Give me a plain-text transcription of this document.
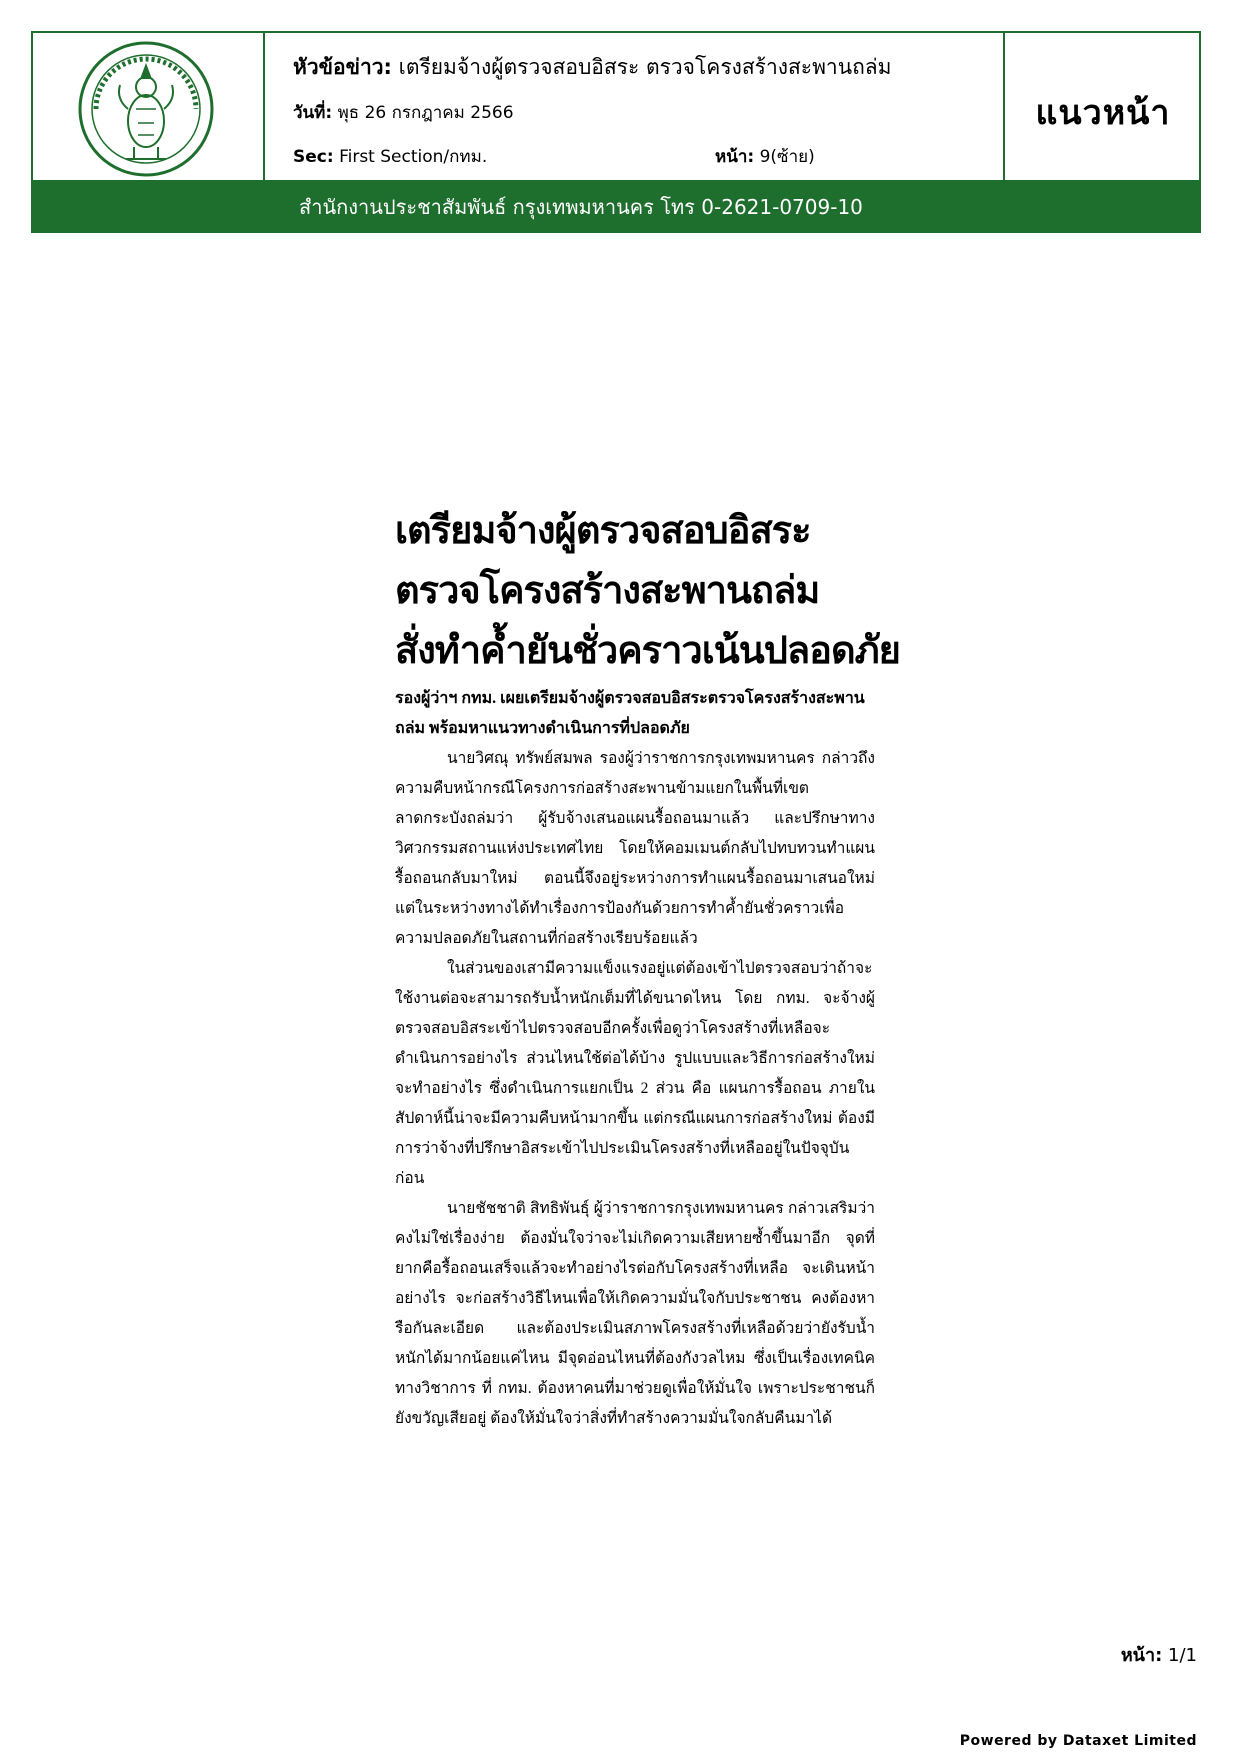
หัวข้อข่าว: เตรียมจ้างผู้ตรวจสอบอิสระ ตรวจโครงสร้างสะพานถล่ม
วันที่: พุธ 26 กรกฎาคม 2566
Sec: First Section/กทม.	หน้า: 9(ซ้าย)
แนวหน้า
สำนักงานประชาสัมพันธ์ กรุงเทพมหานคร โทร 0-2621-0709-10
เตรียมจ้างผู้ตรวจสอบอิสระ
ตรวจโครงสร้างสะพานถล่ม
สั่งทำค้ำยันชั่วคราวเน้นปลอดภัย
รองผู้ว่าฯ กทม. เผยเตรียมจ้างผู้ตรวจสอบอิสระตรวจโครงสร้างสะพานถล่ม พร้อมหาแนวทางดำเนินการที่ปลอดภัย

นายวิศณุ ทรัพย์สมพล รองผู้ว่าราชการกรุงเทพมหานคร กล่าวถึงความคืบหน้ากรณีโครงการก่อสร้างสะพานข้ามแยกในพื้นที่เขตลาดกระบังถล่มว่า ผู้รับจ้างเสนอแผนรื้อถอนมาแล้ว และปรึกษาทางวิศวกรรมสถานแห่งประเทศไทย โดยให้คอมเมนต์กลับไปทบทวนทำแผนรื้อถอนกลับมาใหม่ ตอนนี้จึงอยู่ระหว่างการทำแผนรื้อถอนมาเสนอใหม่ แต่ในระหว่างทางได้ทำเรื่องการป้องกันด้วยการทำค้ำยันชั่วคราวเพื่อความปลอดภัยในสถานที่ก่อสร้างเรียบร้อยแล้ว

ในส่วนของเสามีความแข็งแรงอยู่แต่ต้องเข้าไปตรวจสอบว่าถ้าจะใช้งานต่อจะสามารถรับน้ำหนักเต็มที่ได้ขนาดไหน โดย กทม. จะจ้างผู้ตรวจสอบอิสระเข้าไปตรวจสอบอีกครั้งเพื่อดูว่าโครงสร้างที่เหลือจะดำเนินการอย่างไร ส่วนไหนใช้ต่อได้บ้าง รูปแบบและวิธีการก่อสร้างใหม่จะทำอย่างไร ซึ่งดำเนินการแยกเป็น 2 ส่วน คือ แผนการรื้อถอน ภายในสัปดาห์นี้น่าจะมีความคืบหน้ามากขึ้น แต่กรณีแผนการก่อสร้างใหม่ ต้องมีการว่าจ้างที่ปรึกษาอิสระเข้าไปประเมินโครงสร้างที่เหลืออยู่ในปัจจุบันก่อน

นายชัชชาติ สิทธิพันธุ์ ผู้ว่าราชการกรุงเทพมหานคร กล่าวเสริมว่า คงไม่ใช่เรื่องง่าย ต้องมั่นใจว่าจะไม่เกิดความเสียหายซ้ำขึ้นมาอีก จุดที่ยากคือรื้อถอนเสร็จแล้วจะทำอย่างไรต่อกับโครงสร้างที่เหลือ จะเดินหน้าอย่างไร จะก่อสร้างวิธีไหนเพื่อให้เกิดความมั่นใจกับประชาชน คงต้องหารือกันละเอียด และต้องประเมินสภาพโครงสร้างที่เหลือด้วยว่ายังรับน้ำหนักได้มากน้อยแค่ไหน มีจุดอ่อนไหนที่ต้องกังวลไหม ซึ่งเป็นเรื่องเทคนิคทางวิชาการ ที่ กทม. ต้องหาคนที่มาช่วยดูเพื่อให้มั่นใจ เพราะประชาชนก็ยังขวัญเสียอยู่ ต้องให้มั่นใจว่าสิ่งที่ทำสร้างความมั่นใจกลับคืนมาได้

หน้า: 1/1
Powered by Dataxet Limited
